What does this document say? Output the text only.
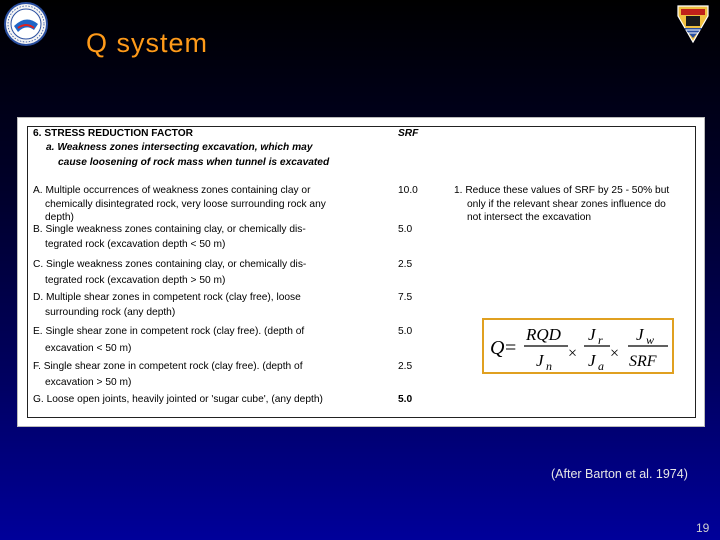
Q system
6. STRESS REDUCTION FACTOR	SRF
a. Weakness zones intersecting excavation, which may
cause loosening of rock mass when tunnel is excavated
A. Multiple occurrences of weakness zones containing clay or
chemically disintegrated rock, very loose surrounding rock any
depth)
10.0
B. Single weakness zones containing clay, or chemically dis-
tegrated rock (excavation depth < 50 m)
5.0
C. Single weakness zones containing clay, or chemically dis-
tegrated rock (excavation depth > 50 m)
2.5
D. Multiple shear zones in competent rock (clay free), loose
surrounding rock (any depth)
7.5
E. Single shear zone in competent rock (clay free). (depth of
excavation < 50 m)
5.0
F. Single shear zone in competent rock (clay free). (depth of
excavation > 50 m)
2.5
G. Loose open joints, heavily jointed or 'sugar cube', (any depth)	5.0
1. Reduce these values of SRF by 25 - 50% but
only if the relevant shear zones influence do
not intersect the excavation
Q =
RQD
J n
×
J r
J a
×
J w
SRF
(After Barton et al. 1974)
19
